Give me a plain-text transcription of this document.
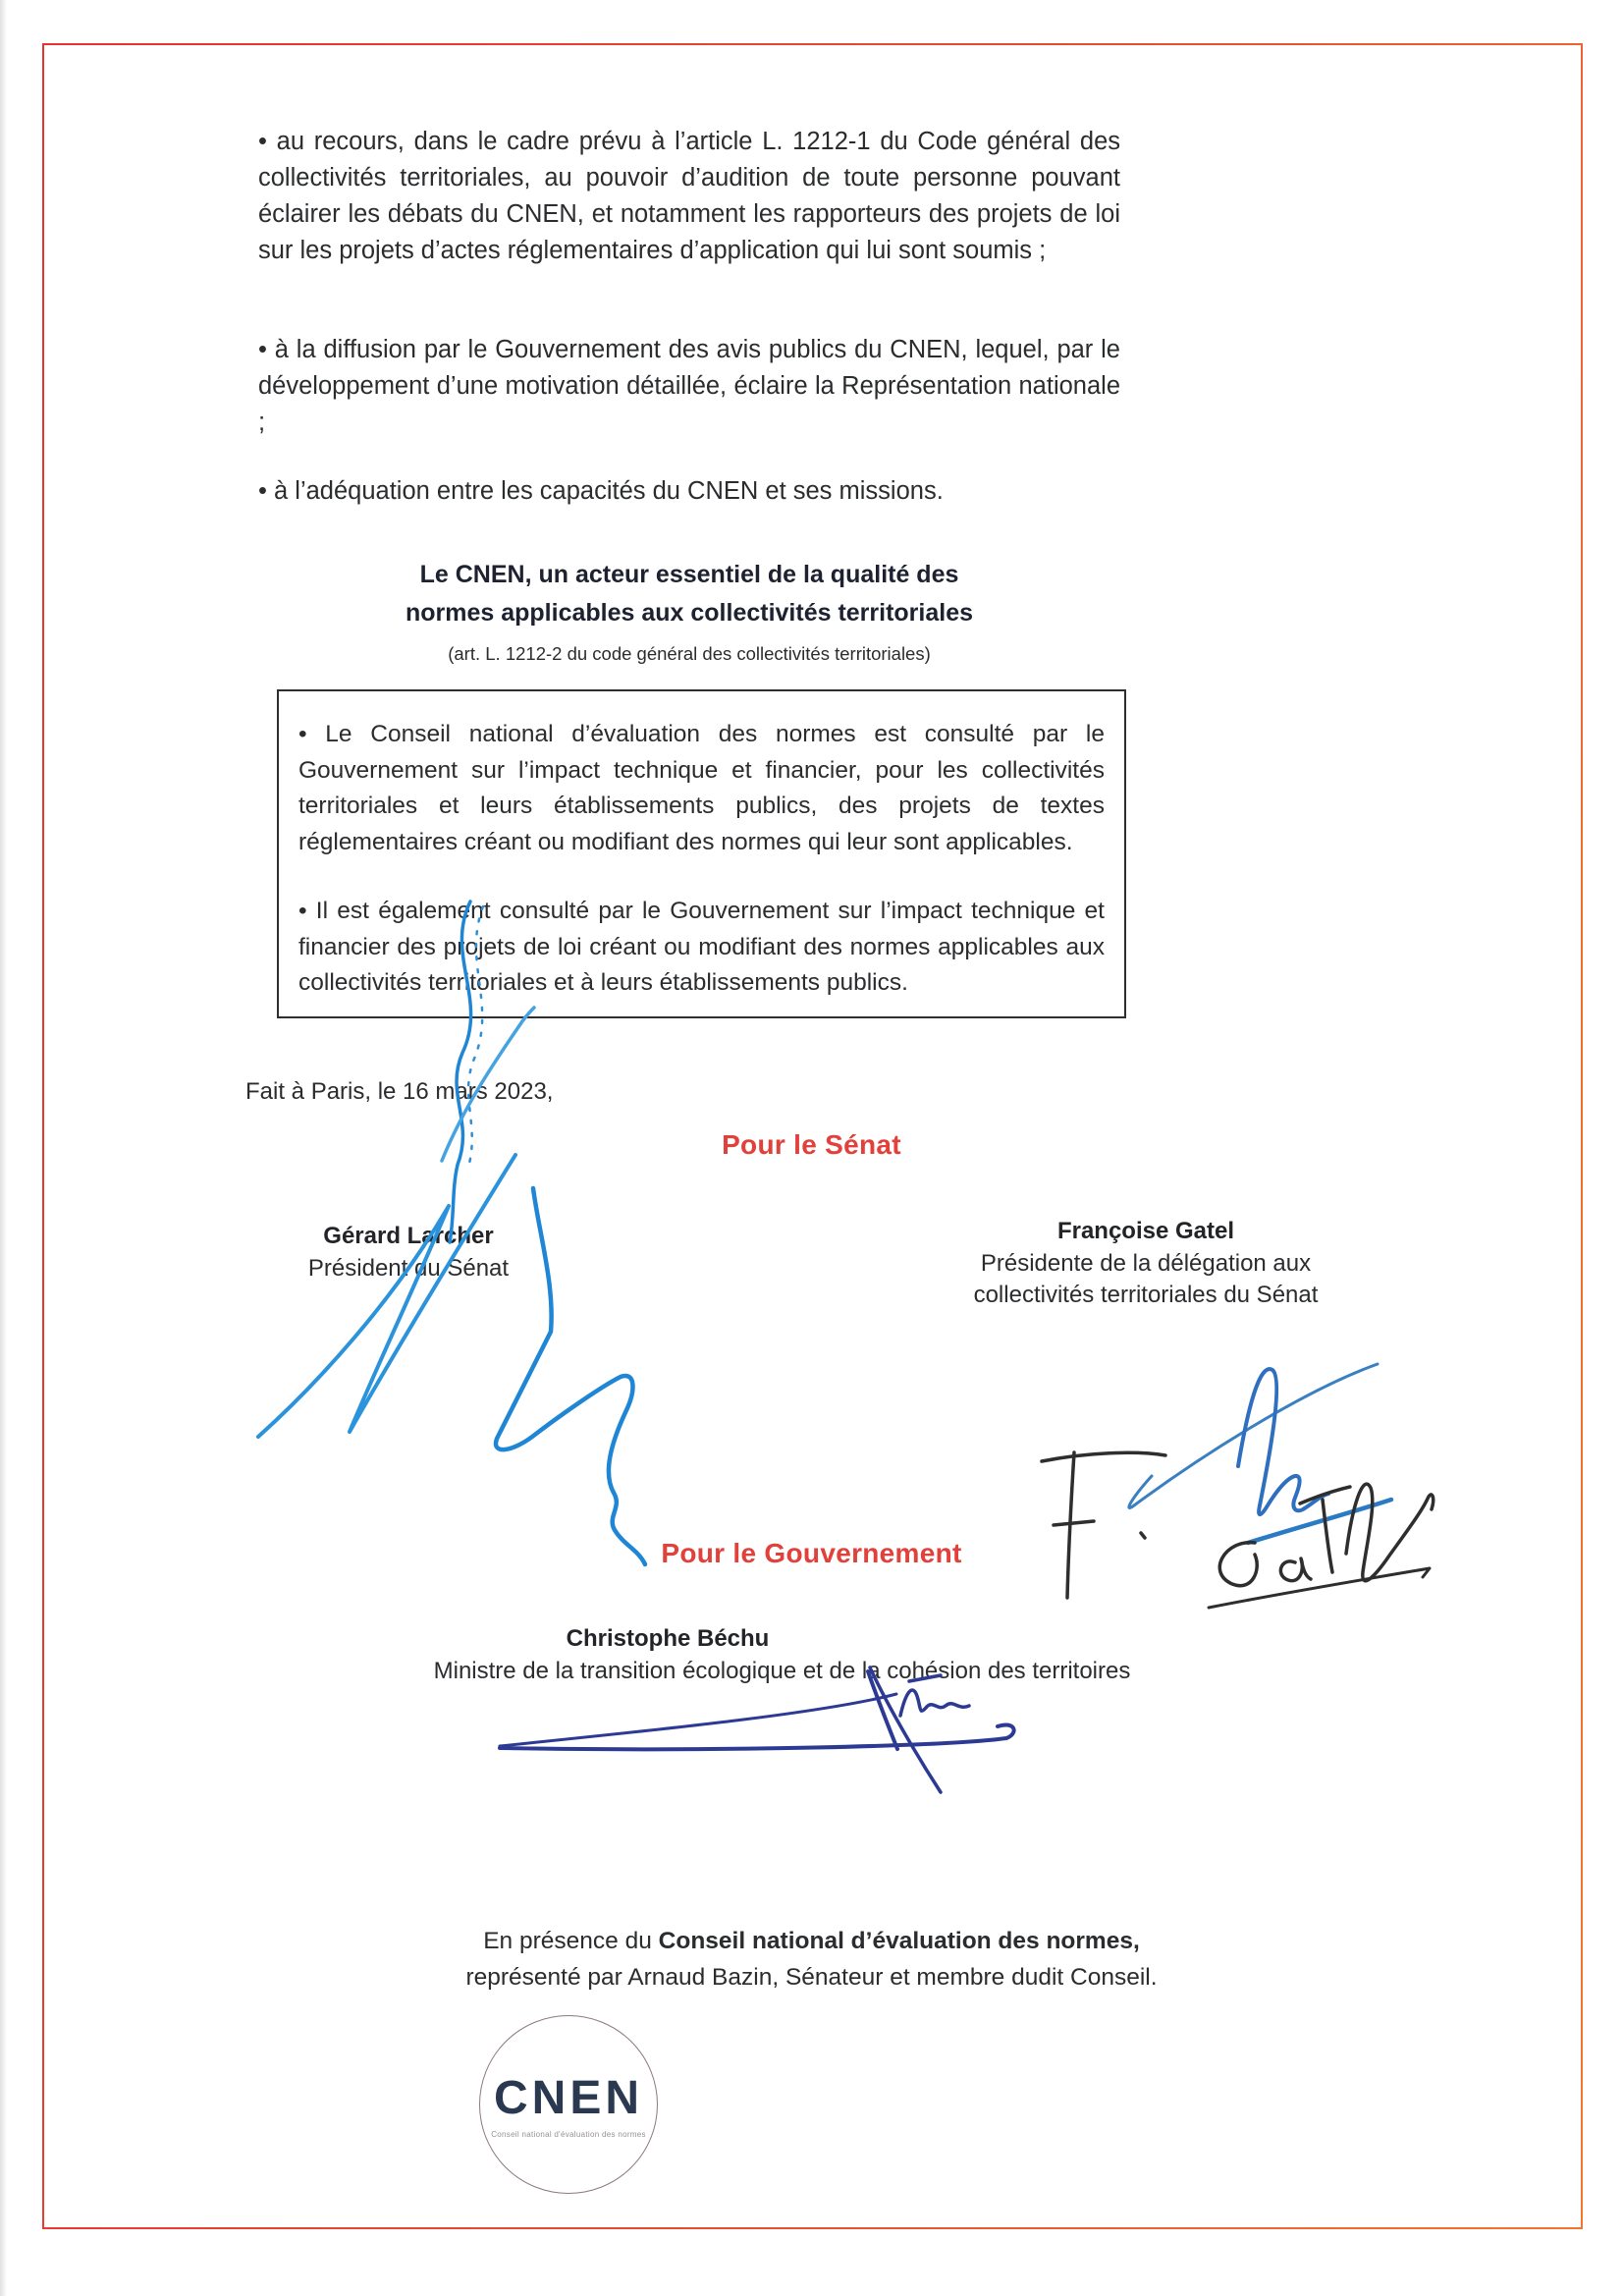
• au recours, dans le cadre prévu à l’article L. 1212-1 du Code général des collectivités territoriales, au pouvoir d’audition de toute personne pouvant éclairer les débats du CNEN, et notamment les rapporteurs des projets de loi sur les projets d’actes réglementaires d’application qui lui sont soumis ;
• à la diffusion par le Gouvernement des avis publics du CNEN, lequel, par le développement d’une motivation détaillée, éclaire la Représentation nationale ;
• à l’adéquation entre les capacités du CNEN et ses missions.
Le CNEN, un acteur essentiel de la qualité des
normes applicables aux collectivités territoriales
(art. L. 1212-2 du code général des collectivités territoriales)
• Le Conseil national d’évaluation des normes est consulté par le Gouvernement sur l’impact technique et financier, pour les collectivités territoriales et leurs établissements publics, des projets de textes réglementaires créant ou modifiant des normes qui leur sont applicables.
• Il est également consulté par le Gouvernement sur l’impact technique et financier des projets de loi créant ou modifiant des normes applicables aux collectivités territoriales et à leurs établissements publics.
Fait à Paris, le 16 mars 2023,
Pour le Sénat
Pour le Gouvernement
Gérard Larcher
Président du Sénat
Françoise Gatel
Présidente de la délégation aux
collectivités territoriales du Sénat
Christophe Béchu
Ministre de la transition écologique et de la cohésion des territoires
En présence du Conseil national d’évaluation des normes,
représenté par Arnaud Bazin, Sénateur et membre dudit Conseil.
CNEN
Conseil national d'évaluation des normes
